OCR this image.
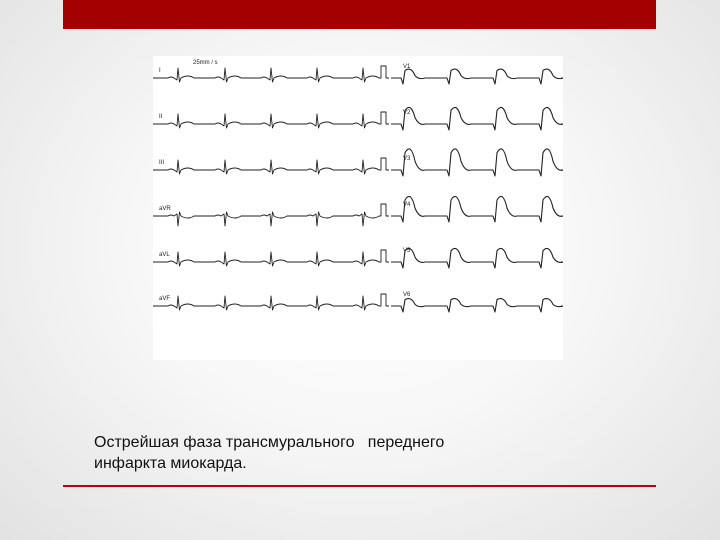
25mm / s
I
II
III
aVR
aVL
aVF
V1
V2
V3
V4
V5
V6
Острейшая фаза трансмурального   переднего
инфаркта миокарда.
